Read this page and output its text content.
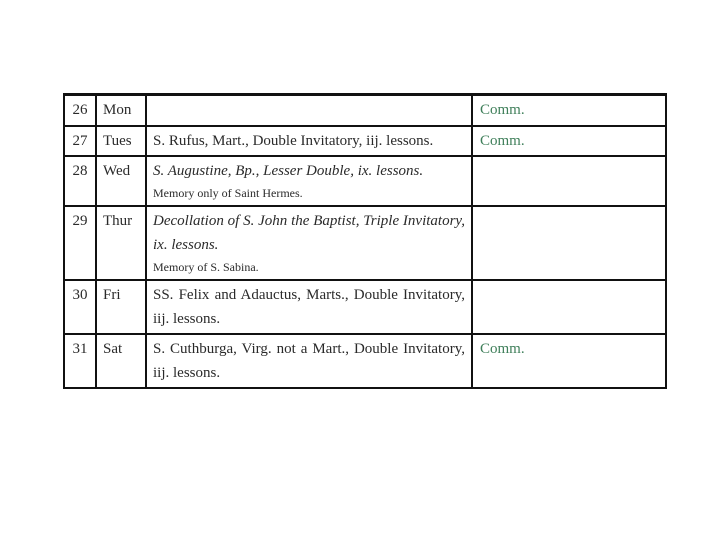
26	Mon		Comm.
27	Tues	S. Rufus, Mart., Double Invitatory, iij. lessons.	Comm.
28	Wed	S. Augustine, Bp., Lesser Double, ix. lessons.
Memory only of Saint Hermes.	

29	Thur	Decollation of S. John the Baptist, Triple Invitatory, ix. lessons.
Memory of S. Sabina.	

30	Fri	SS. Felix and Adauctus, Marts., Double Invitatory, iij. lessons.	
31	Sat	S. Cuthburga, Virg. not a Mart., Double Invitatory, iij. lessons.	Comm.
